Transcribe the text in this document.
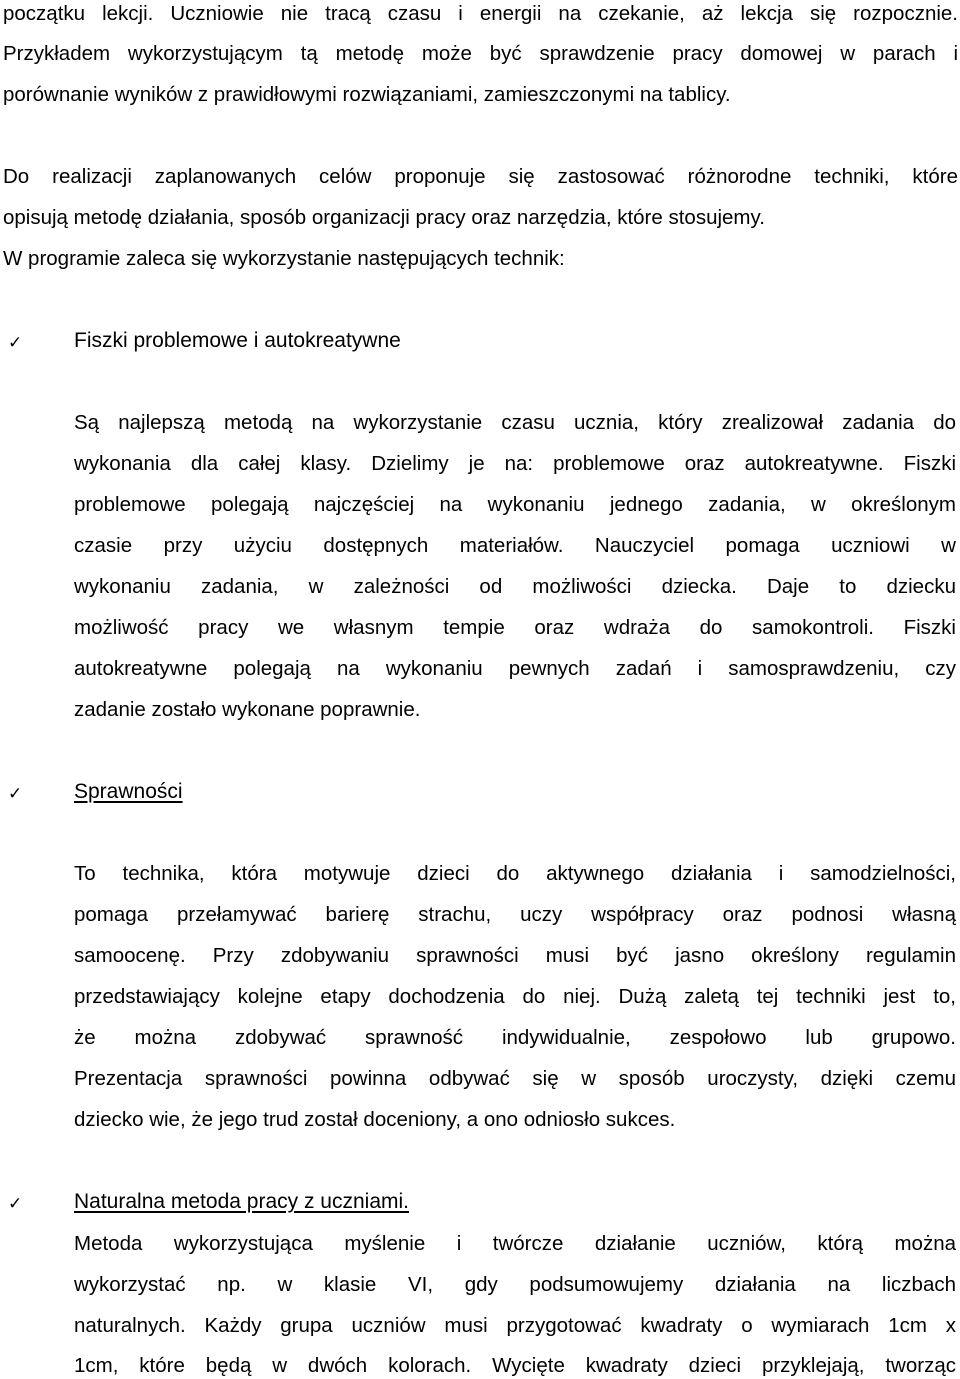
początku lekcji. Uczniowie nie tracą czasu i energii na czekanie, aż lekcja się rozpocznie.
Przykładem wykorzystującym tą metodę może być sprawdzenie pracy domowej w parach i
porównanie wyników z prawidłowymi rozwiązaniami, zamieszczonymi na tablicy.
Do realizacji zaplanowanych celów proponuje się zastosować różnorodne techniki, które
opisują metodę działania, sposób organizacji pracy oraz narzędzia, które stosujemy.
W programie zaleca się wykorzystanie następujących technik:
✓ Fiszki problemowe i autokreatywne
Są najlepszą metodą na wykorzystanie czasu ucznia, który zrealizował zadania do
wykonania dla całej klasy. Dzielimy je na: problemowe oraz autokreatywne. Fiszki
problemowe polegają najczęściej na wykonaniu jednego zadania, w określonym
czasie przy użyciu dostępnych materiałów. Nauczyciel pomaga uczniowi w
wykonaniu zadania, w zależności od możliwości dziecka. Daje to dziecku
możliwość pracy we własnym tempie oraz wdraża do samokontroli. Fiszki
autokreatywne polegają na wykonaniu pewnych zadań i samosprawdzeniu, czy
zadanie zostało wykonane poprawnie.
✓ Sprawności
To technika, która motywuje dzieci do aktywnego działania i samodzielności,
pomaga przełamywać barierę strachu, uczy współpracy oraz podnosi własną
samoocenę. Przy zdobywaniu sprawności musi być jasno określony regulamin
przedstawiający kolejne etapy dochodzenia do niej. Dużą zaletą tej techniki jest to,
że można zdobywać sprawność indywidualnie, zespołowo lub grupowo.
Prezentacja sprawności powinna odbywać się w sposób uroczysty, dzięki czemu
dziecko wie, że jego trud został doceniony, a ono odniosło sukces.
✓ Naturalna metoda pracy z uczniami.
Metoda wykorzystująca myślenie i twórcze działanie uczniów, którą można
wykorzystać np. w klasie VI, gdy podsumowujemy działania na liczbach
naturalnych. Każdy grupa uczniów musi przygotować kwadraty o wymiarach 1cm x
1cm, które będą w dwóch kolorach. Wycięte kwadraty dzieci przyklejają, tworząc
